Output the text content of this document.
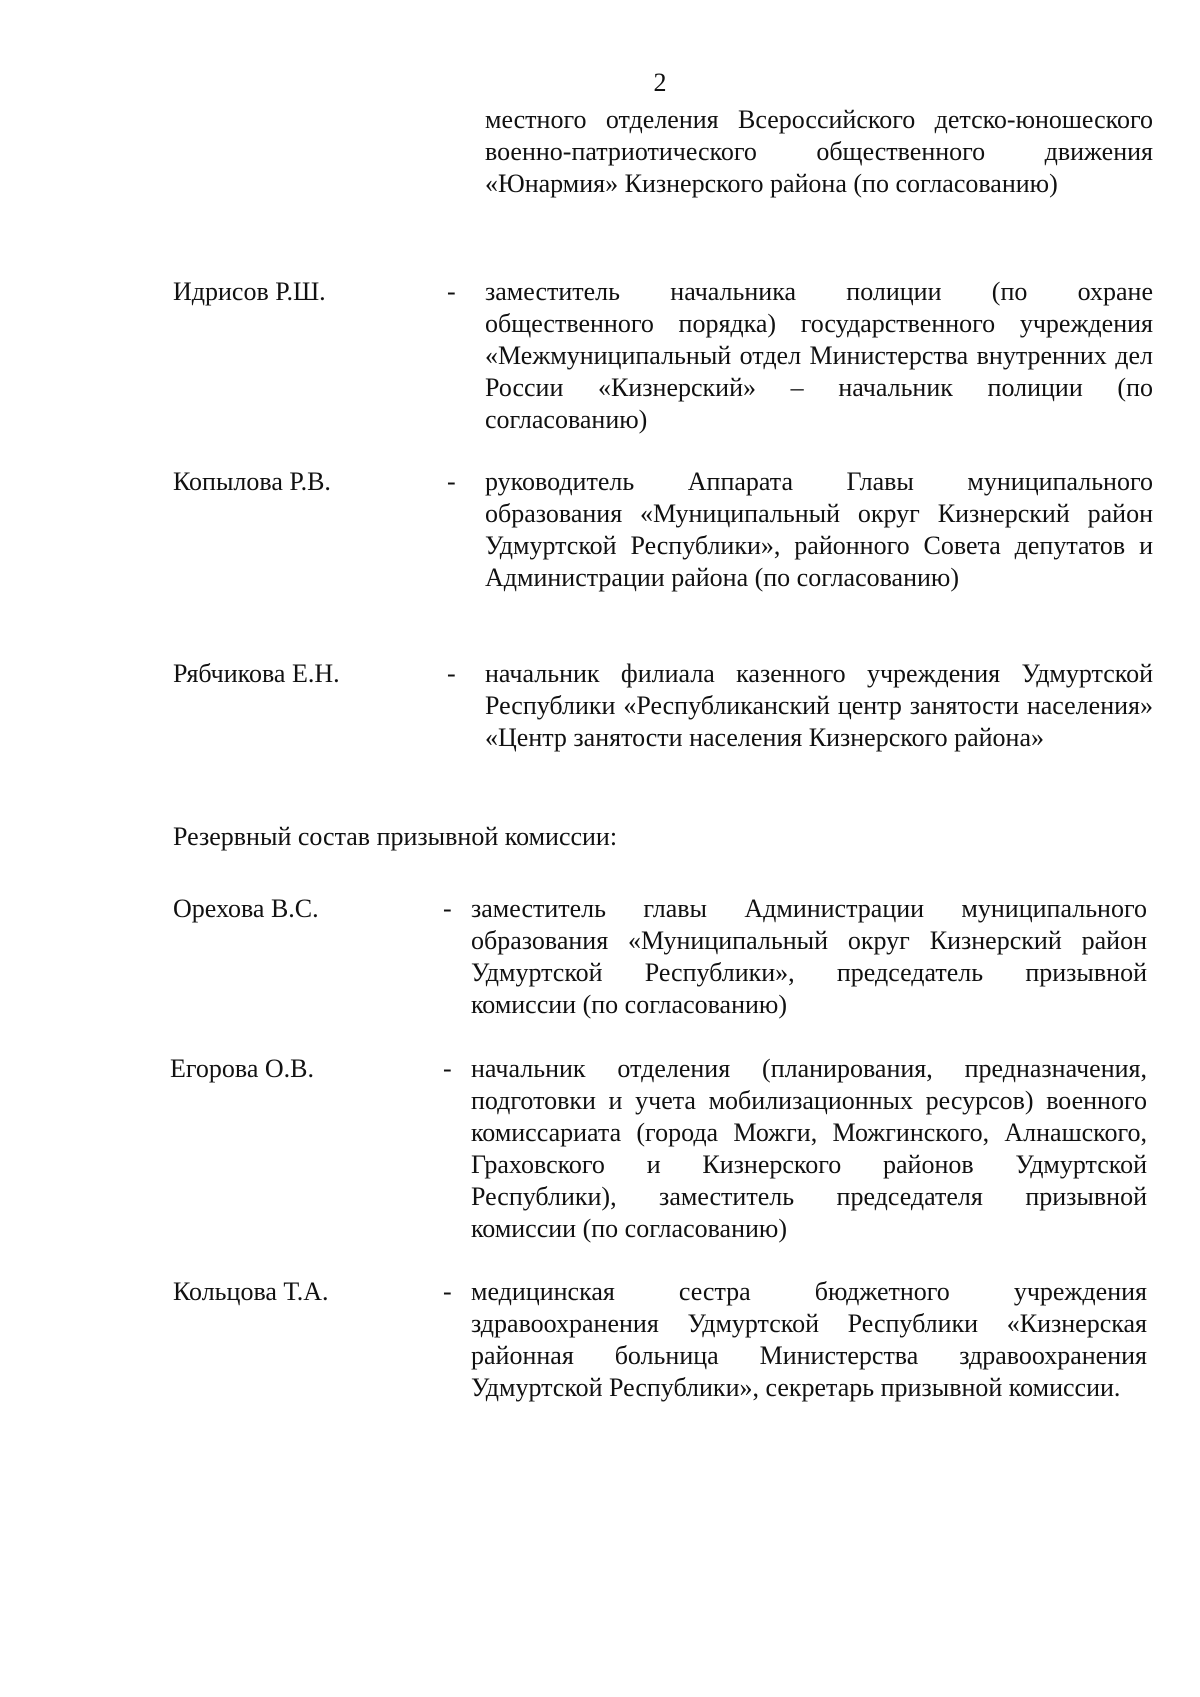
2
местного отделения Всероссийского детско-юношеского военно-патриотического общественного движения «Юнармия» Кизнерского района (по согласованию)
Идрисов Р.Ш.	- заместитель начальника полиции (по охране общественного порядка) государственного учреждения «Межмуниципальный отдел Министерства внутренних дел России «Кизнерский» – начальник полиции (по согласованию)
Копылова Р.В.	- руководитель Аппарата Главы муниципального образования «Муниципальный округ Кизнерский район Удмуртской Республики», районного Совета депутатов и Администрации района (по согласованию)
Рябчикова Е.Н.	- начальник филиала казенного учреждения Удмуртской Республики «Республиканский центр занятости населения» «Центр занятости населения Кизнерского района»
Резервный состав призывной комиссии:
Орехова В.С.	- заместитель главы Администрации муниципального образования «Муниципальный округ Кизнерский район Удмуртской Республики», председатель призывной комиссии (по согласованию)
Егорова О.В.	- начальник отделения (планирования, предназначения, подготовки и учета мобилизационных ресурсов) военного комиссариата (города Можги, Можгинского, Алнашского, Граховского и Кизнерского районов Удмуртской Республики), заместитель председателя призывной комиссии (по согласованию)
Кольцова Т.А.	- медицинская сестра бюджетного учреждения здравоохранения Удмуртской Республики «Кизнерская районная больница Министерства здравоохранения Удмуртской Республики», секретарь призывной комиссии.
